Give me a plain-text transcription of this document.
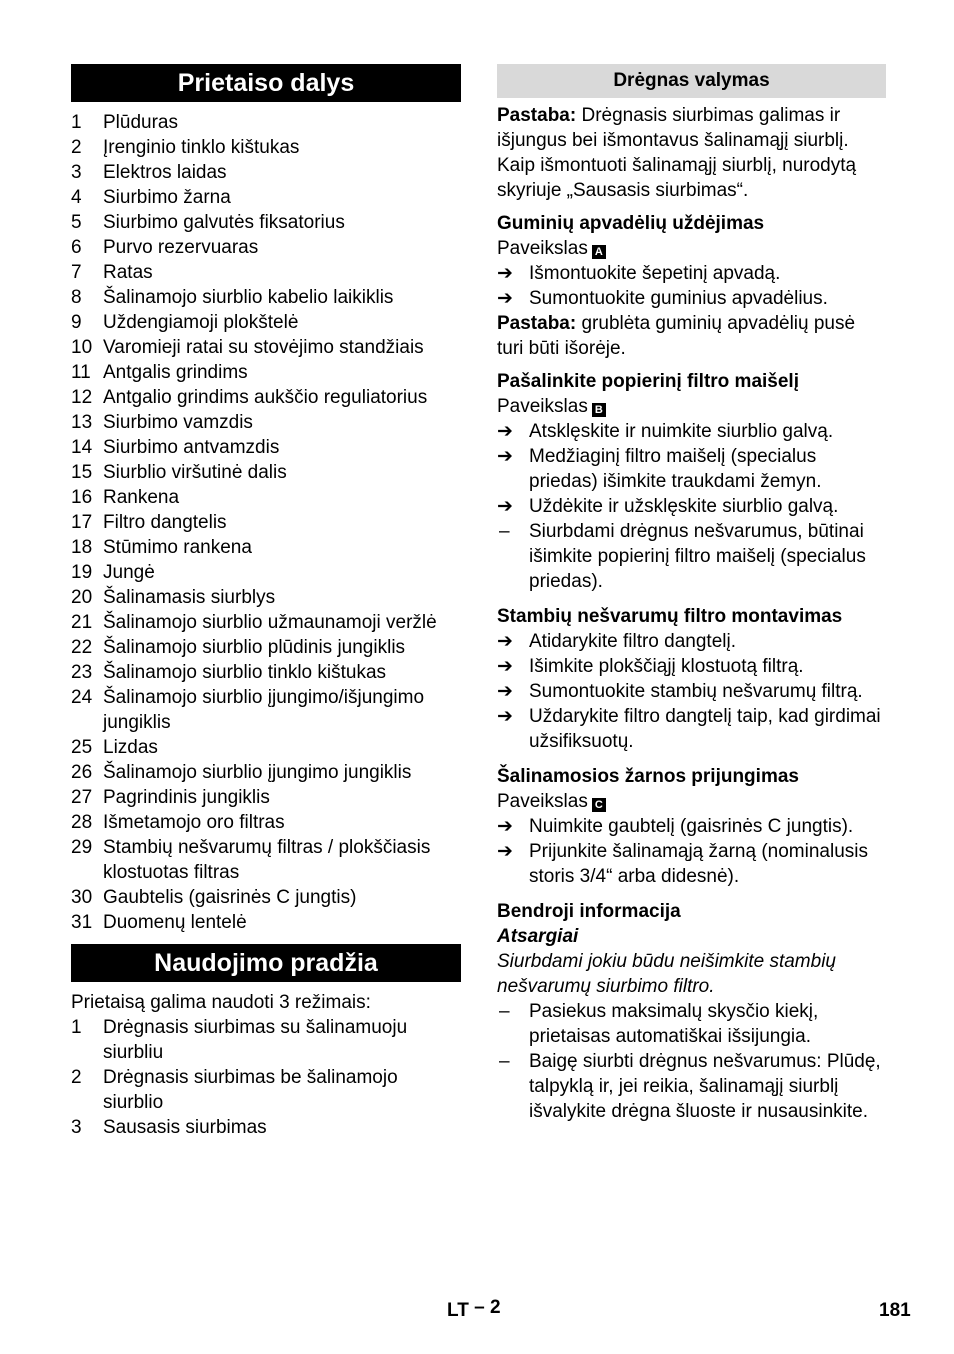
Prietaiso dalys
1	Plūduras
2	Įrenginio tinklo kištukas
3	Elektros laidas
4	Siurbimo žarna
5	Siurbimo galvutės fiksatorius
6	Purvo rezervuaras
7	Ratas
8	Šalinamojo siurblio kabelio laikiklis
9	Uždengiamoji plokštelė
10 Varomieji ratai su stovėjimo standžiais
11 Antgalis grindims
12 Antgalio grindims aukščio reguliatorius
13 Siurbimo vamzdis
14 Siurbimo antvamzdis
15 Siurblio viršutinė dalis
16 Rankena
17 Filtro dangtelis
18 Stūmimo rankena
19 Jungė
20 Šalinamasis siurblys
21 Šalinamojo siurblio užmaunamoji veržlė
22 Šalinamojo siurblio plūdinis jungiklis
23 Šalinamojo siurblio tinklo kištukas
24 Šalinamojo siurblio įjungimo/išjungimo jungiklis
25 Lizdas
26 Šalinamojo siurblio įjungimo jungiklis
27 Pagrindinis jungiklis
28 Išmetamojo oro filtras
29 Stambių nešvarumų filtras / plokščiasis klostuotas filtras
30 Gaubtelis (gaisrinės C jungtis)
31 Duomenų lentelė
Naudojimo pradžia

Prietaisą galima naudoti 3 režimais:

1	Drėgnasis siurbimas su šalinamuoju siurbliu
2	Drėgnasis siurbimas be šalinamojo siurblio
3	Sausasis siurbimas
Drėgnas valymas

Pastaba: Drėgnasis siurbimas galimas ir išjungus bei išmontavus šalinamąjį siurblį. Kaip išmontuoti šalinamąjį siurblį, nurodytą skyriuje „Sausasis siurbimas“.

Guminių apvadėlių uždėjimas
Paveikslas A
➔ Išmontuokite šepetinį apvadą.
➔ Sumontuokite guminius apvadėlius.

Pastaba: grublėta guminių apvadėlių pusė turi būti išorėje.

Pašalinkite popierinį filtro maišelį
Paveikslas B
➔ Atsklęskite ir nuimkite siurblio galvą.
➔ Medžiaginį filtro maišelį (specialus priedas) išimkite traukdami žemyn.
➔ Uždėkite ir užsklęskite siurblio galvą.
–	Siurbdami drėgnus nešvarumus, būtinai išimkite popierinį filtro maišelį (specialus priedas).
Stambių nešvarumų filtro montavimas
➔ Atidarykite filtro dangtelį.
➔ Išimkite plokščiąjį klostuotą filtrą.
➔ Sumontuokite stambių nešvarumų filtrą.
➔ Uždarykite filtro dangtelį taip, kad girdimai užsifiksuotų.
Šalinamosios žarnos prijungimas
Paveikslas C
➔ Nuimkite gaubtelį (gaisrinės C jungtis).
➔ Prijunkite šalinamąją žarną (nominalusis storis 3/4“ arba didesnė).
Bendroji informacija
Atsargiai

Siurbdami jokiu būdu neišimkite stambių nešvarumų siurbimo filtro.

–	Pasiekus maksimalų skysčio kiekį, prietaisas automatiškai išsijungia.
–	Baigę siurbti drėgnus nešvarumus: Plūdę, talpyklą ir, jei reikia, šalinamąjį siurblį išvalykite drėgna šluoste ir nusausinkite.
LT – 2	181
